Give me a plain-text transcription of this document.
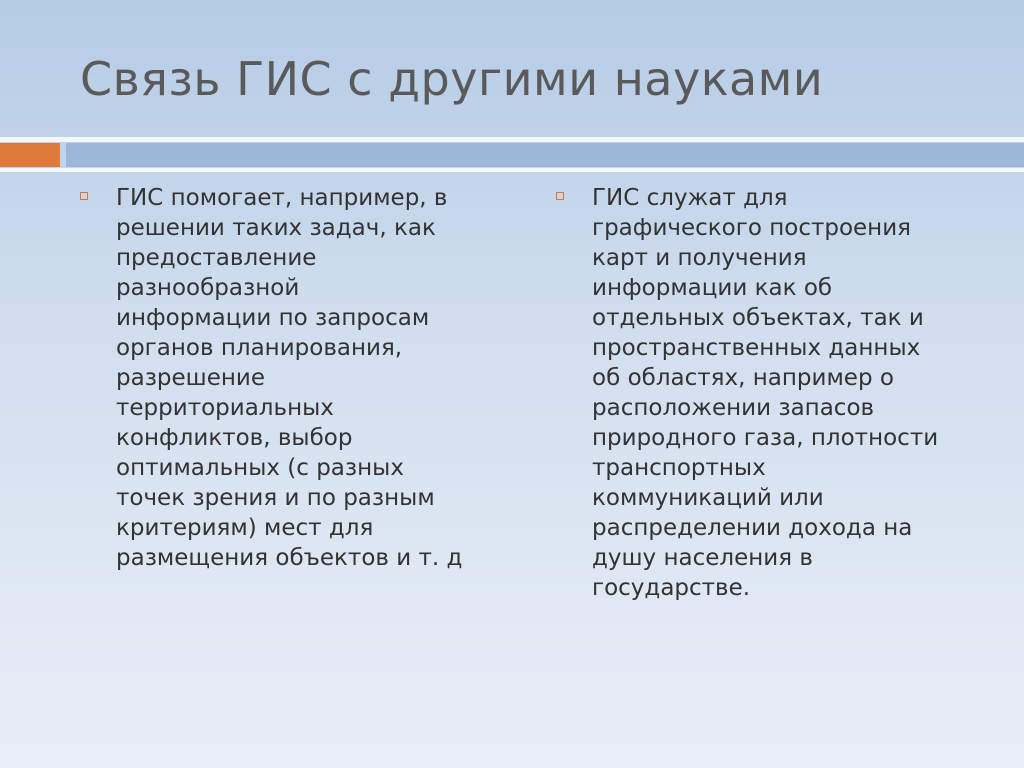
Связь ГИС с другими науками
ГИС помогает, например, в
решении таких задач, как
предоставление
разнообразной
информации по запросам
органов планирования,
разрешение
территориальных
конфликтов, выбор
оптимальных (с разных
точек зрения и по разным
критериям) мест для
размещения объектов и т. д
ГИС служат для
графического построения
карт и получения
информации как об
отдельных объектах, так и
пространственных данных
об областях, например о
расположении запасов
природного газа, плотности
транспортных
коммуникаций или
распределении дохода на
душу населения в
государстве.
